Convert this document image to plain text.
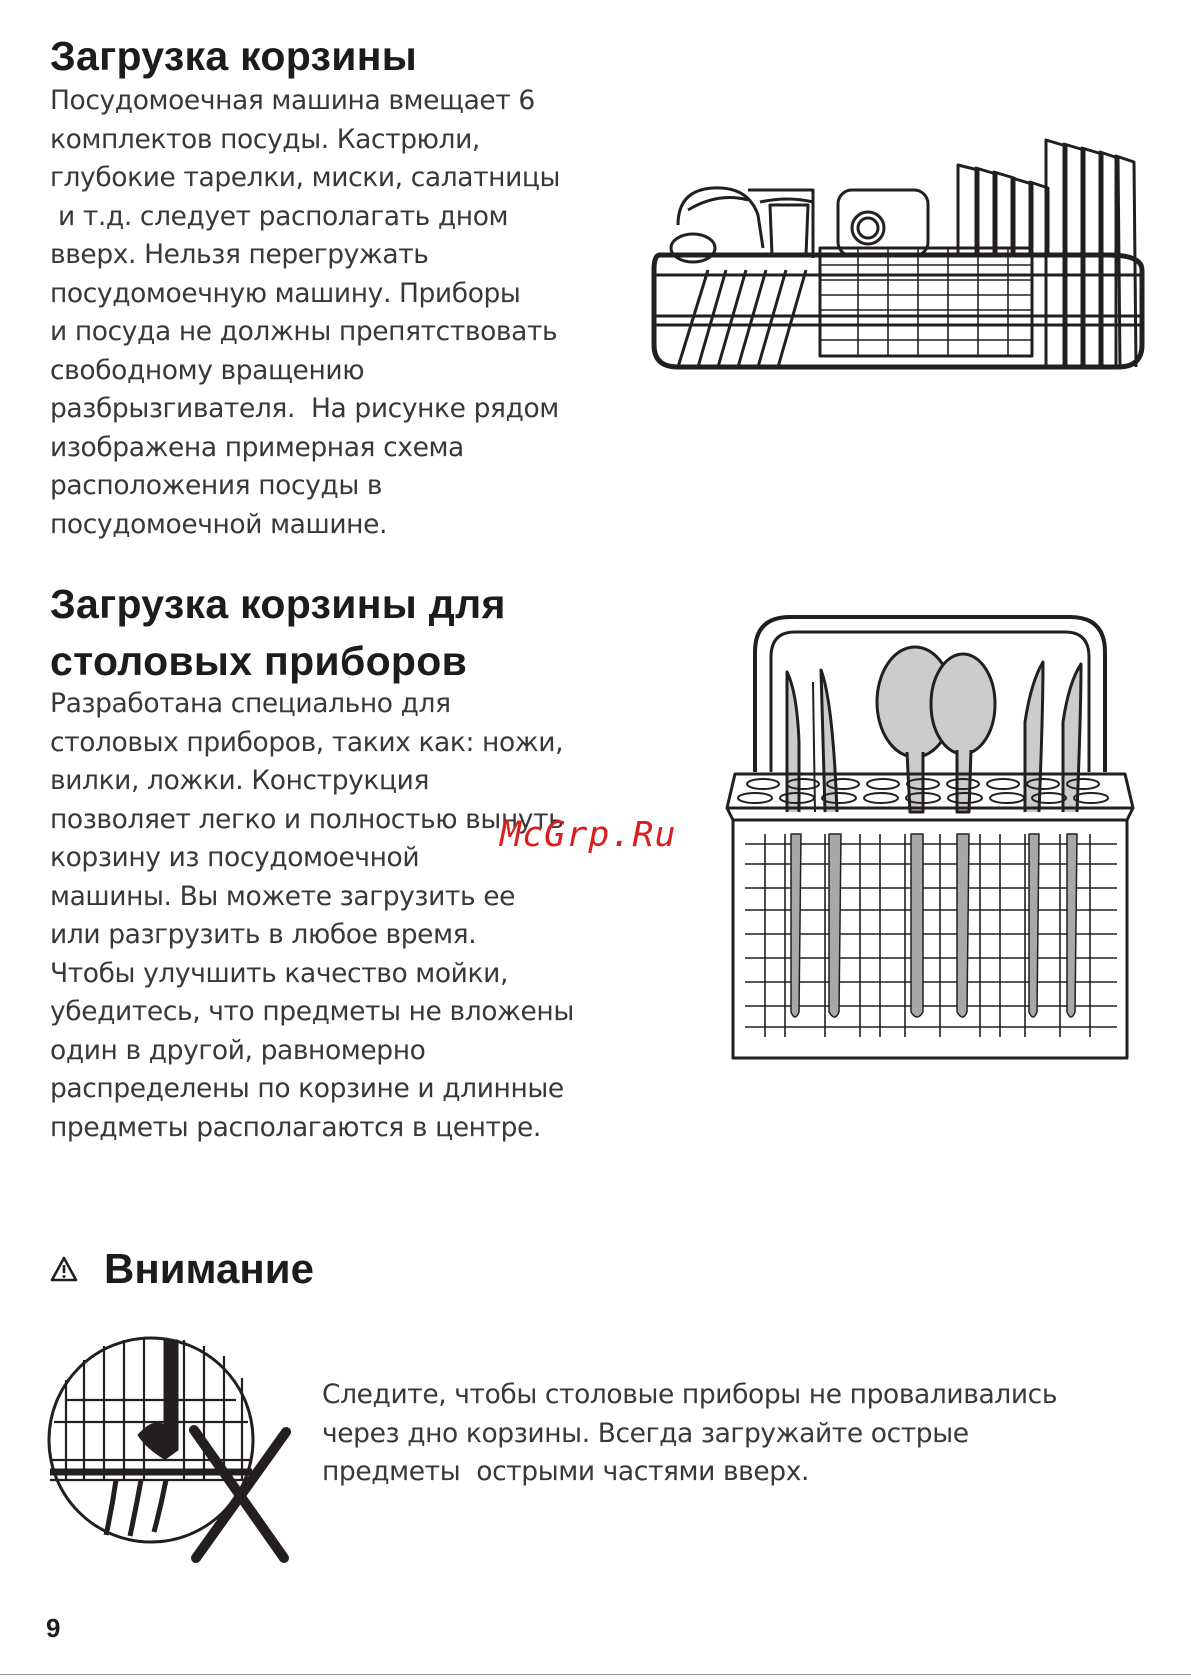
Загрузка корзины
Посудомоечная машина вмещает 6
комплектов посуды. Кастрюли,
глубокие тарелки, миски, салатницы
и т.д. следует располагать дном
вверх. Нельзя перегружать
посудомоечную машину. Приборы
и посуда не должны препятствовать
свободному вращению
разбрызгивателя.  На рисунке рядом
изображена примерная схема
расположения посуды в
посудомоечной машине.
Загрузка корзины для
столовых приборов
Разработана специально для
столовых приборов, таких как: ножи,
вилки, ложки. Конструкция
позволяет легко и полностью вынуть
корзину из посудомоечной
машины. Вы можете загрузить ее
или разгрузить в любое время.
Чтобы улучшить качество мойки,
убедитесь, что предметы не вложены
один в другой, равномерно
распределены по корзине и длинные
предметы располагаются в центре.
McGrp.Ru
Внимание
Следите, чтобы столовые приборы не проваливались
через дно корзины. Всегда загружайте острые
предметы  острыми частями вверх.

9
